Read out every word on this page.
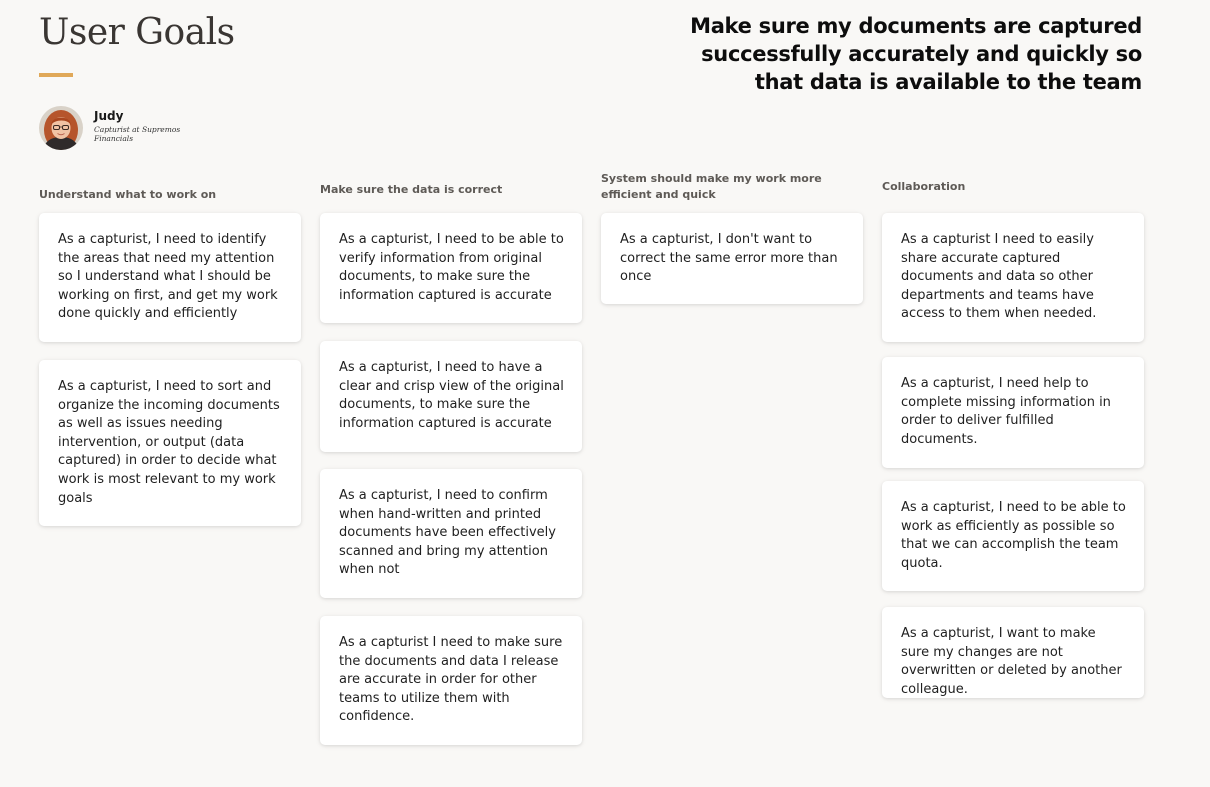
User Goals	Make sure my documents are captured successfully accurately and quickly so that data is available to the team
Judy
Capturist at Supremos Financials
Understand what to work on
As a capturist, I need to identify the areas that need my attention so I understand what I should be working on first, and get my work done quickly and efficiently
As a capturist, I need to sort and organize the incoming documents as well as issues needing intervention, or output (data captured) in order to decide what work is most relevant to my work goals
Make sure the data is correct
As a capturist, I need to be able to verify information from original documents, to make sure the information captured is accurate
As a capturist, I need to have a clear and crisp view of the original documents, to make sure the information captured is accurate
As a capturist, I need to confirm when hand-written and printed documents have been effectively scanned and bring my attention when not
As a capturist I need to make sure the documents and data I release are accurate in order for other teams to utilize them with confidence.
System should make my work more efficient and quick
As a capturist, I don't want to correct the same error more than once
Collaboration
As a capturist I need to easily share accurate captured documents and data so other departments and teams have access to them when needed.
As a capturist, I need help to complete missing information in order to deliver fulfilled documents.
As a capturist, I need to be able to work as efficiently as possible so that we can accomplish the team quota.
As a capturist, I want to make sure my changes are not overwritten or deleted by another colleague.
